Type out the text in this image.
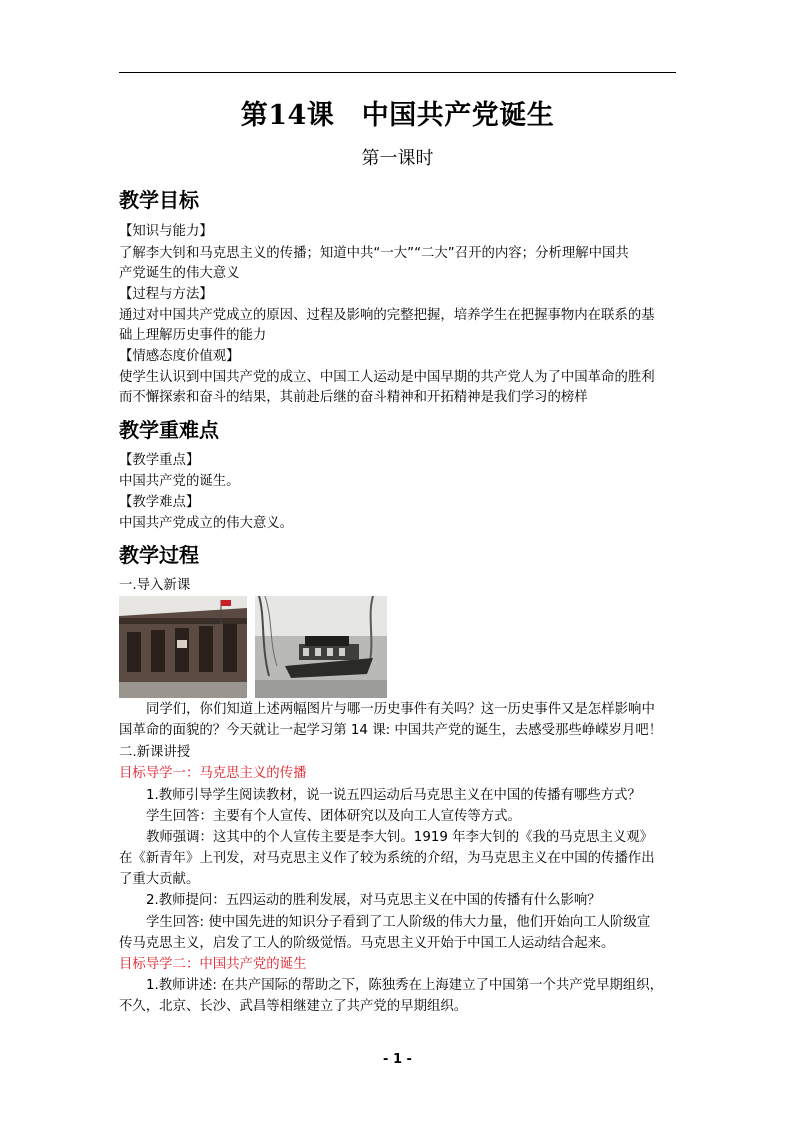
第14课　中国共产党诞生
第一课时
教学目标
【知识与能力】
了解李大钊和马克思主义的传播；知道中共“一大”“二大”召开的内容；分析理解中国共
产党诞生的伟大意义
【过程与方法】
通过对中国共产党成立的原因、过程及影响的完整把握，培养学生在把握事物内在联系的基
础上理解历史事件的能力
【情感态度价值观】
使学生认识到中国共产党的成立、中国工人运动是中国早期的共产党人为了中国革命的胜利
而不懈探索和奋斗的结果，其前赴后继的奋斗精神和开拓精神是我们学习的榜样
教学重难点
【教学重点】
中国共产党的诞生。
【教学难点】
中国共产党成立的伟大意义。
教学过程
一.导入新课
同学们，你们知道上述两幅图片与哪一历史事件有关吗？这一历史事件又是怎样影响中
国革命的面貌的？今天就让一起学习第 14 课: 中国共产党的诞生，去感受那些峥嵘岁月吧！
二.新课讲授
目标导学一：马克思主义的传播
1.教师引导学生阅读教材，说一说五四运动后马克思主义在中国的传播有哪些方式？
学生回答：主要有个人宣传、团体研究以及向工人宣传等方式。
教师强调：这其中的个人宣传主要是李大钊。1919 年李大钊的《我的马克思主义观》
在《新青年》上刊发，对马克思主义作了较为系统的介绍，为马克思主义在中国的传播作出
了重大贡献。
2.教师提问：五四运动的胜利发展，对马克思主义在中国的传播有什么影响？
学生回答: 使中国先进的知识分子看到了工人阶级的伟大力量，他们开始向工人阶级宣
传马克思主义，启发了工人的阶级觉悟。马克思主义开始于中国工人运动结合起来。
目标导学二：中国共产党的诞生
1.教师讲述: 在共产国际的帮助之下，陈独秀在上海建立了中国第一个共产党早期组织，
不久，北京、长沙、武昌等相继建立了共产党的早期组织。
- 1 -
